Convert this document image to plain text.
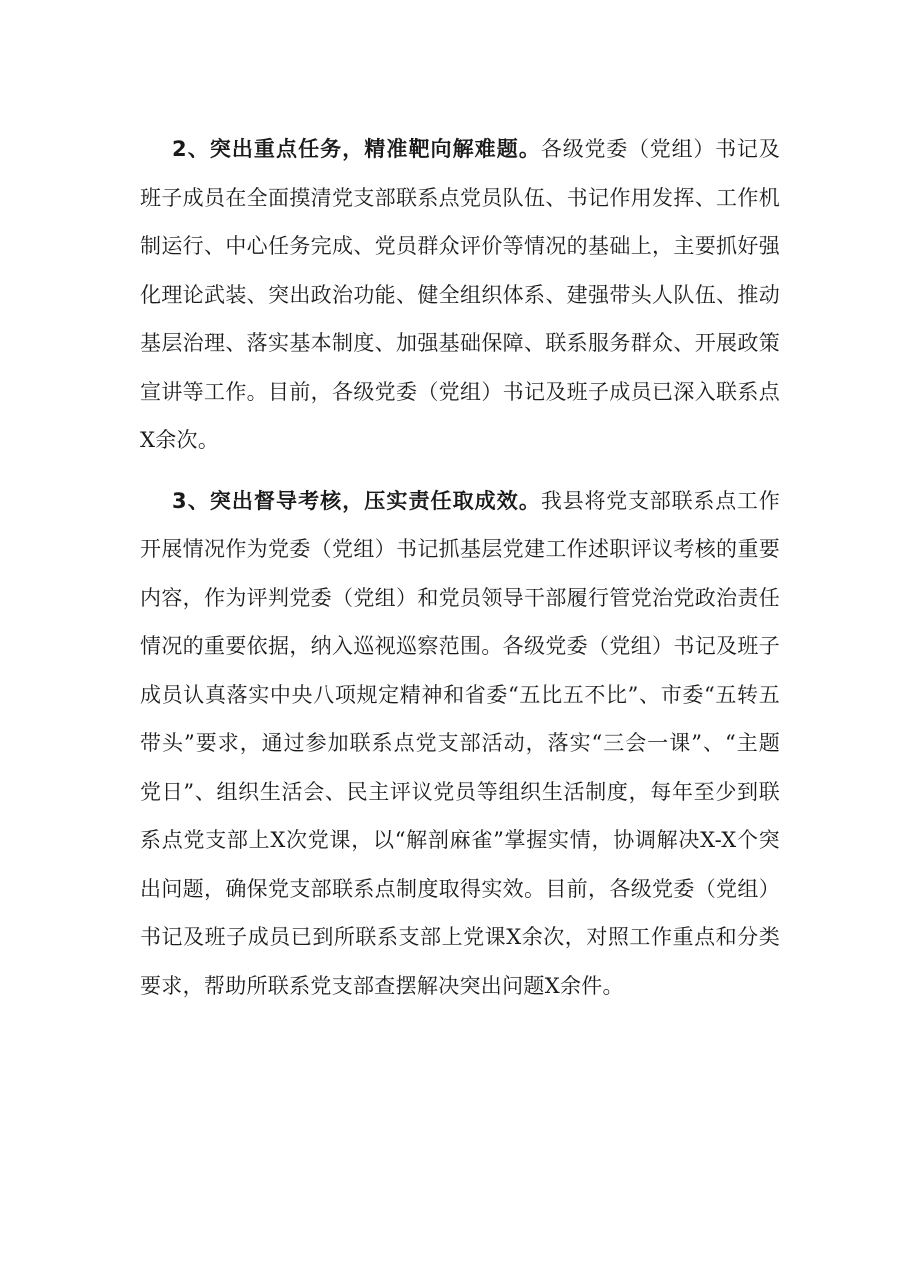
2、突出重点任务，精准靶向解难题。各级党委（党组）书记及班子成员在全面摸清党支部联系点党员队伍、书记作用发挥、工作机制运行、中心任务完成、党员群众评价等情况的基础上，主要抓好强化理论武装、突出政治功能、健全组织体系、建强带头人队伍、推动基层治理、落实基本制度、加强基础保障、联系服务群众、开展政策宣讲等工作。目前，各级党委（党组）书记及班子成员已深入联系点X余次。

3、突出督导考核，压实责任取成效。我县将党支部联系点工作开展情况作为党委（党组）书记抓基层党建工作述职评议考核的重要内容，作为评判党委（党组）和党员领导干部履行管党治党政治责任情况的重要依据，纳入巡视巡察范围。各级党委（党组）书记及班子成员认真落实中央八项规定精神和省委“五比五不比”、市委“五转五带头”要求，通过参加联系点党支部活动，落实“三会一课”、“主题党日”、组织生活会、民主评议党员等组织生活制度，每年至少到联系点党支部上X次党课，以“解剖麻雀”掌握实情，协调解决X-X个突出问题，确保党支部联系点制度取得实效。目前，各级党委（党组）书记及班子成员已到所联系支部上党课X余次，对照工作重点和分类要求，帮助所联系党支部查摆解决突出问题X余件。
